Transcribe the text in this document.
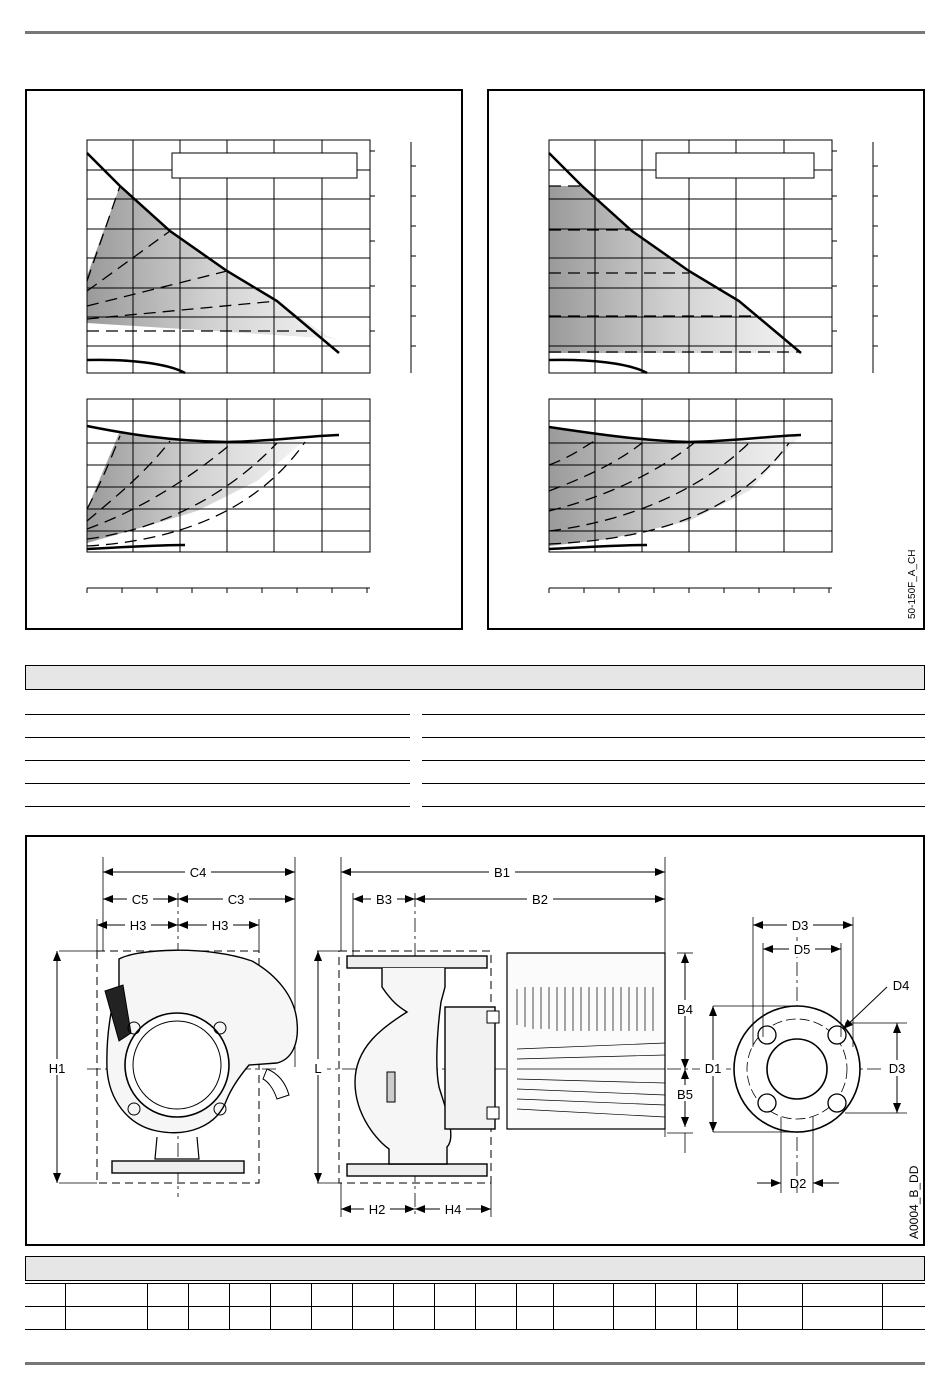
50-150F_A_CH
C4
C5	C3
H3	H3
H1
B1
B3	B2
L
B4
B5
H2	H4
D3
D5
D4
D1	D3
D2	A0004_B_DD
